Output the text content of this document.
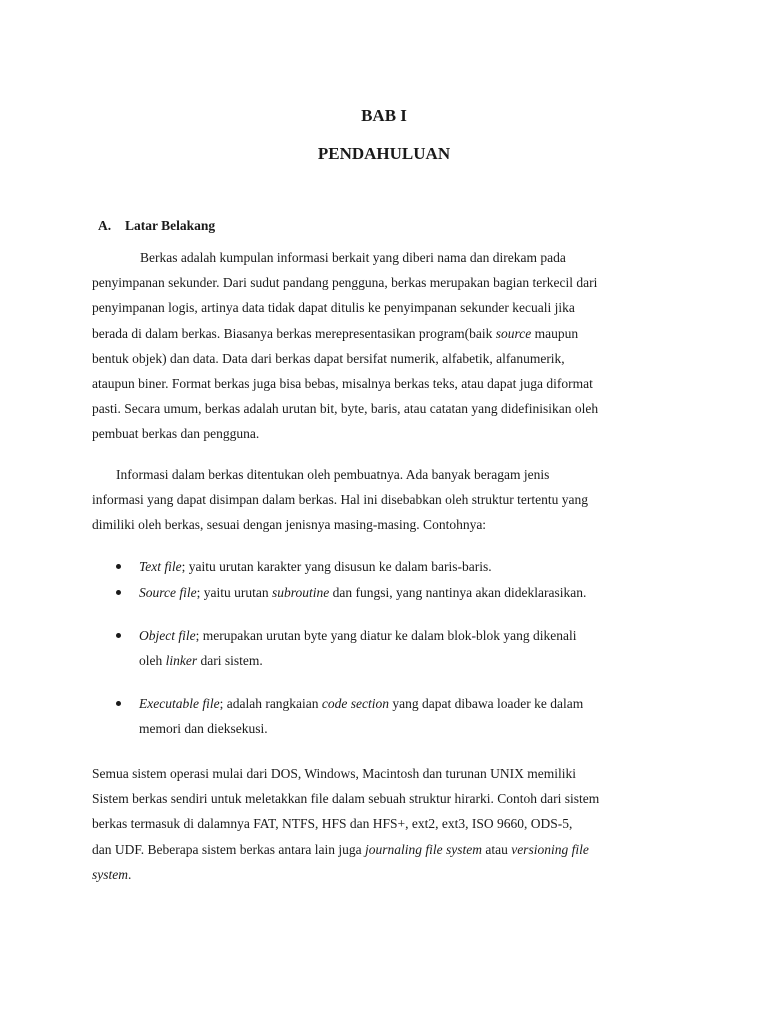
BAB I
PENDAHULUAN
A. Latar Belakang

Berkas adalah kumpulan informasi berkait yang diberi nama dan direkam pada
penyimpanan sekunder. Dari sudut pandang pengguna, berkas merupakan bagian terkecil dari
penyimpanan logis, artinya data tidak dapat ditulis ke penyimpanan sekunder kecuali jika
berada di dalam berkas. Biasanya berkas merepresentasikan program(baik source maupun
bentuk objek) dan data. Data dari berkas dapat bersifat numerik, alfabetik, alfanumerik,
ataupun biner. Format berkas juga bisa bebas, misalnya berkas teks, atau dapat juga diformat
pasti. Secara umum, berkas adalah urutan bit, byte, baris, atau catatan yang didefinisikan oleh
pembuat berkas dan pengguna.

Informasi dalam berkas ditentukan oleh pembuatnya. Ada banyak beragam jenis
informasi yang dapat disimpan dalam berkas. Hal ini disebabkan oleh struktur tertentu yang
dimiliki oleh berkas, sesuai dengan jenisnya masing-masing. Contohnya:

Text file; yaitu urutan karakter yang disusun ke dalam baris-baris.
Source file; yaitu urutan subroutine dan fungsi, yang nantinya akan dideklarasikan.
Object file; merupakan urutan byte yang diatur ke dalam blok-blok yang dikenali
oleh linker dari sistem.
Executable file; adalah rangkaian code section yang dapat dibawa loader ke dalam
memori dan dieksekusi.

Semua sistem operasi mulai dari DOS, Windows, Macintosh dan turunan UNIX memiliki
Sistem berkas sendiri untuk meletakkan file dalam sebuah struktur hirarki. Contoh dari sistem
berkas termasuk di dalamnya FAT, NTFS, HFS dan HFS+, ext2, ext3, ISO 9660, ODS-5,
dan UDF. Beberapa sistem berkas antara lain juga journaling file system atau versioning file
system.
